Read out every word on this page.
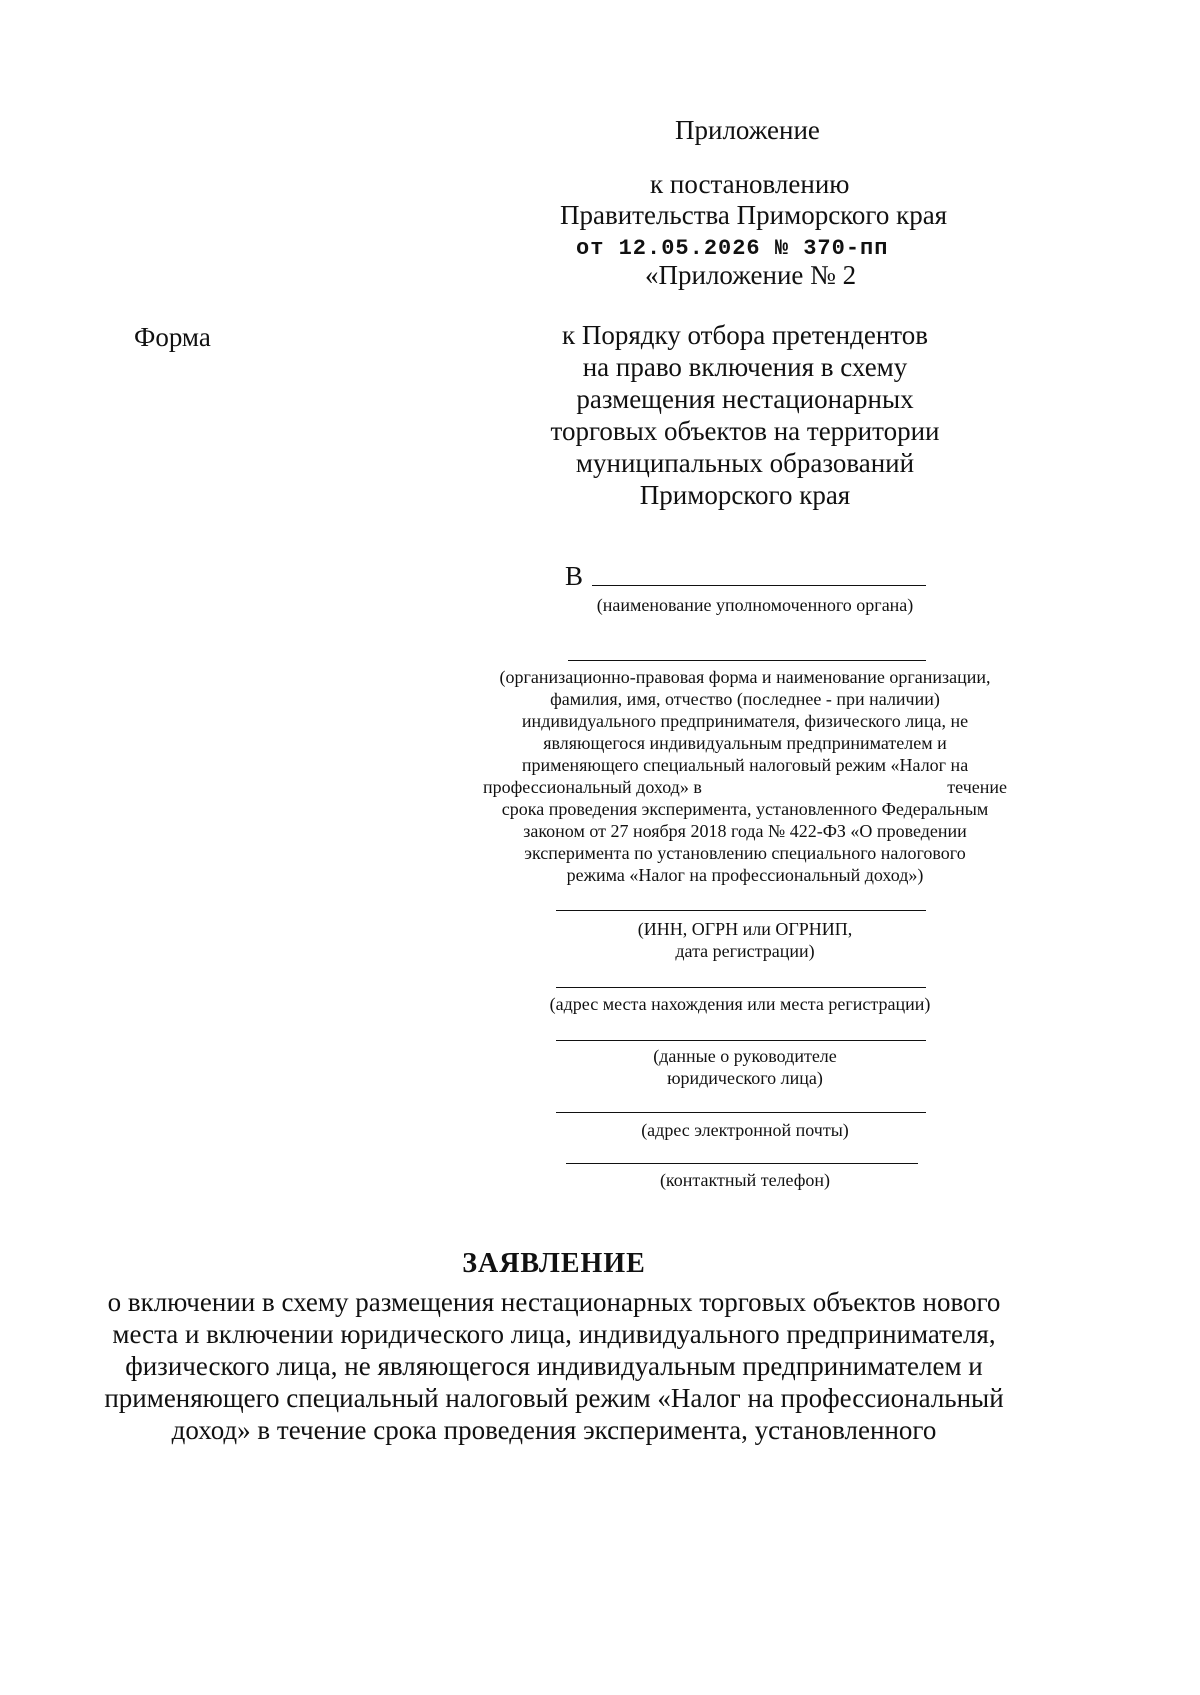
Приложение
к постановлению
Правительства Приморского края
от 12.05.2026 № 370-пп
«Приложение № 2
Форма	к Порядку отбора претендентов
на право включения в схему
размещения нестационарных
торговых объектов на территории
муниципальных образований
Приморского края
В
(наименование уполномоченного органа)
(организационно-правовая форма и наименование организации,
фамилия, имя, отчество (последнее - при наличии)
индивидуального предпринимателя, физического лица, не
являющегося индивидуальным предпринимателем и
применяющего специальный налоговый режим «Налог на
профессиональный доход» в	течение
срока проведения эксперимента, установленного Федеральным
законом от 27 ноября 2018 года № 422-ФЗ «О проведении
эксперимента по установлению специального налогового
режима «Налог на профессиональный доход»)
(ИНН, ОГРН или ОГРНИП,
дата регистрации)
(адрес места нахождения или места регистрации)
(данные о руководителе
юридического лица)
(адрес электронной почты)
(контактный телефон)
ЗАЯВЛЕНИЕ
о включении в схему размещения нестационарных торговых объектов нового
места и включении юридического лица, индивидуального предпринимателя,
физического лица, не являющегося индивидуальным предпринимателем и
применяющего специальный налоговый режим «Налог на профессиональный
доход» в течение срока проведения эксперимента, установленного
